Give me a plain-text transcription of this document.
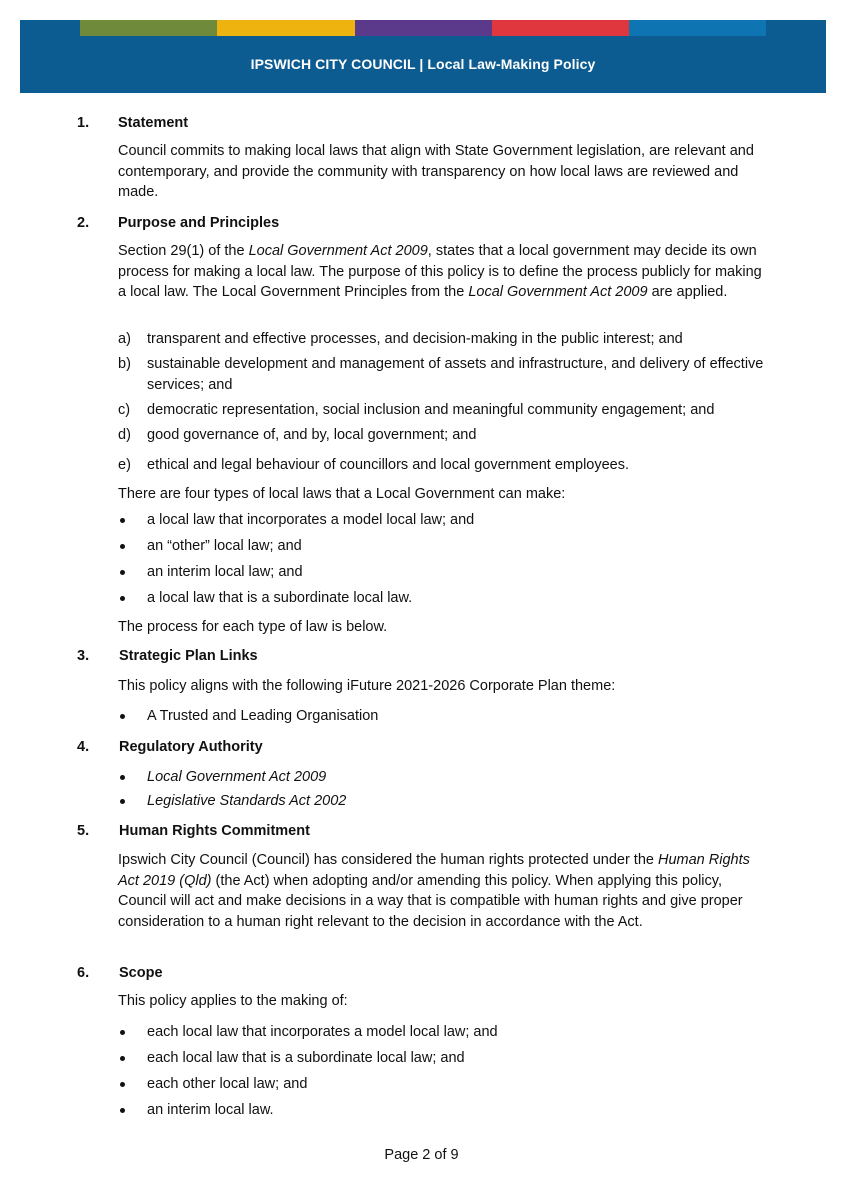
IPSWICH CITY COUNCIL | Local Law-Making Policy
1. Statement
Council commits to making local laws that align with State Government legislation, are relevant and contemporary, and provide the community with transparency on how local laws are reviewed and made.
2. Purpose and Principles
Section 29(1) of the Local Government Act 2009, states that a local government may decide its own process for making a local law. The purpose of this policy is to define the process publicly for making a local law. The Local Government Principles from the Local Government Act 2009 are applied.
a) transparent and effective processes, and decision-making in the public interest; and
b) sustainable development and management of assets and infrastructure, and delivery of effective services; and
c) democratic representation, social inclusion and meaningful community engagement; and
d) good governance of, and by, local government; and
e) ethical and legal behaviour of councillors and local government employees.
There are four types of local laws that a Local Government can make:
a local law that incorporates a model local law; and
an “other” local law; and
an interim local law; and
a local law that is a subordinate local law.
The process for each type of law is below.
3. Strategic Plan Links
This policy aligns with the following iFuture 2021-2026 Corporate Plan theme:
A Trusted and Leading Organisation
4. Regulatory Authority
Local Government Act 2009
Legislative Standards Act 2002
5. Human Rights Commitment
Ipswich City Council (Council) has considered the human rights protected under the Human Rights Act 2019 (Qld) (the Act) when adopting and/or amending this policy. When applying this policy, Council will act and make decisions in a way that is compatible with human rights and give proper consideration to a human right relevant to the decision in accordance with the Act.
6. Scope
This policy applies to the making of:
each local law that incorporates a model local law; and
each local law that is a subordinate local law; and
each other local law; and
an interim local law.
Page 2 of 9
